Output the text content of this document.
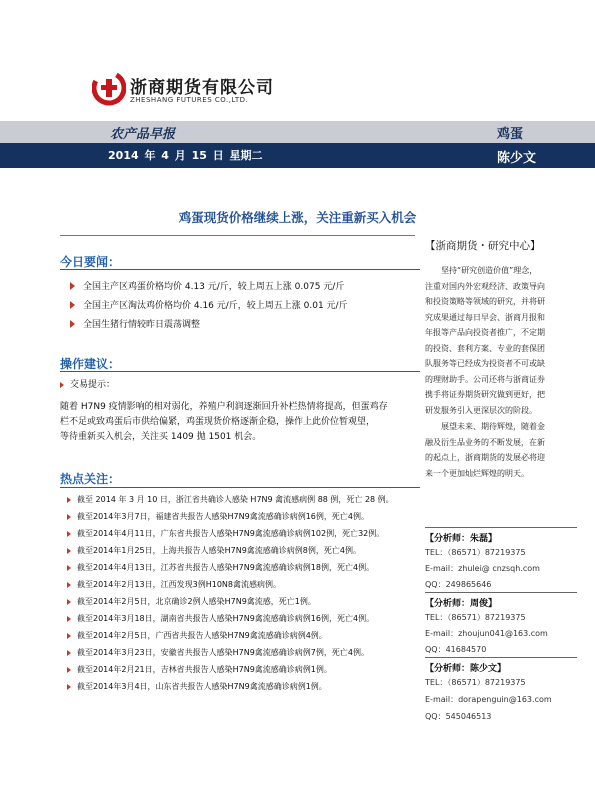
浙商期货有限公司
ZHESHANG FUTURES CO.,LTD.
农产品早报	鸡蛋
2014 年 4 月 15 日 星期二	陈少文
鸡蛋现货价格继续上涨，关注重新买入机会
今日要闻：
全国主产区鸡蛋价格均价 4.13 元/斤，较上周五上涨 0.075 元/斤
全国主产区淘汰鸡价格均价 4.16 元/斤，较上周五上涨 0.01 元/斤
全国生猪行情较昨日震荡调整
操作建议：
交易提示：
随着 H7N9 疫情影响的相对弱化，养殖户利润逐渐回升补栏热情将提高，但蛋鸡存
栏不足或致鸡蛋后市供给偏紧，鸡蛋现货价格逐渐企稳，操作上此价位暂观望，
等待重新买入机会，关注买 1409 抛 1501 机会。
热点关注：
截至 2014 年 3 月 10 日，浙江省共确诊人感染 H7N9 禽流感病例 88 例，死亡 28 例。
截至2014年3月7日，福建省共报告人感染H7N9禽流感确诊病例16例，死亡4例。
截至2014年4月11日，广东省共报告人感染H7N9禽流感确诊病例102例，死亡32例。
截至2014年1月25日，上海共报告人感染H7N9禽流感确诊病例8例，死亡4例。
截至2014年4月13日，江苏省共报告人感染H7N9禽流感确诊病例18例，死亡4例。
截至2014年2月13日，江西发现3例H10N8禽流感病例。
截至2014年2月5日，北京确诊2例人感染H7N9禽流感，死亡1例。
截至2014年3月18日，湖南省共报告人感染H7N9禽流感确诊病例16例，死亡4例。
截至2014年2月5日，广西省共报告人感染H7N9禽流感确诊病例4例。
截至2014年3月23日，安徽省共报告人感染H7N9禽流感确诊病例7例，死亡4例。
截至2014年2月21日，吉林省共报告人感染H7N9禽流感确诊病例1例。
截至2014年3月4日，山东省共报告人感染H7N9禽流感确诊病例1例。
【浙商期货・研究中心】
坚持“研究创造价值”理念，
注重对国内外宏观经济、政策导向
和投资策略等领域的研究，并将研
究成果通过每日早会、浙商月报和
年报等产品向投资者推广，不定期
的投资、套利方案、专业的套保团
队服务等已经成为投资者不可或缺
的理财助手。公司还将与浙商证券
携手将证券期货研究做到更好，把
研发服务引入更深层次的阶段。
展望未来、期待辉煌，随着金
融及衍生品业务的不断发展，在新
的起点上，浙商期货的发展必将迎
来一个更加灿烂辉煌的明天。
【分析师：朱磊】
TEL：（86571）87219375
E-mail：zhulei@ cnzsqh.com
QQ：249865646
【分析师：周俊】
TEL：（86571）87219375
E-mail：zhoujun041@163.com
QQ：41684570
【分析师：陈少文】
TEL：（86571）87219375
E-mail：dorapenguin@163.com
QQ：545046513
